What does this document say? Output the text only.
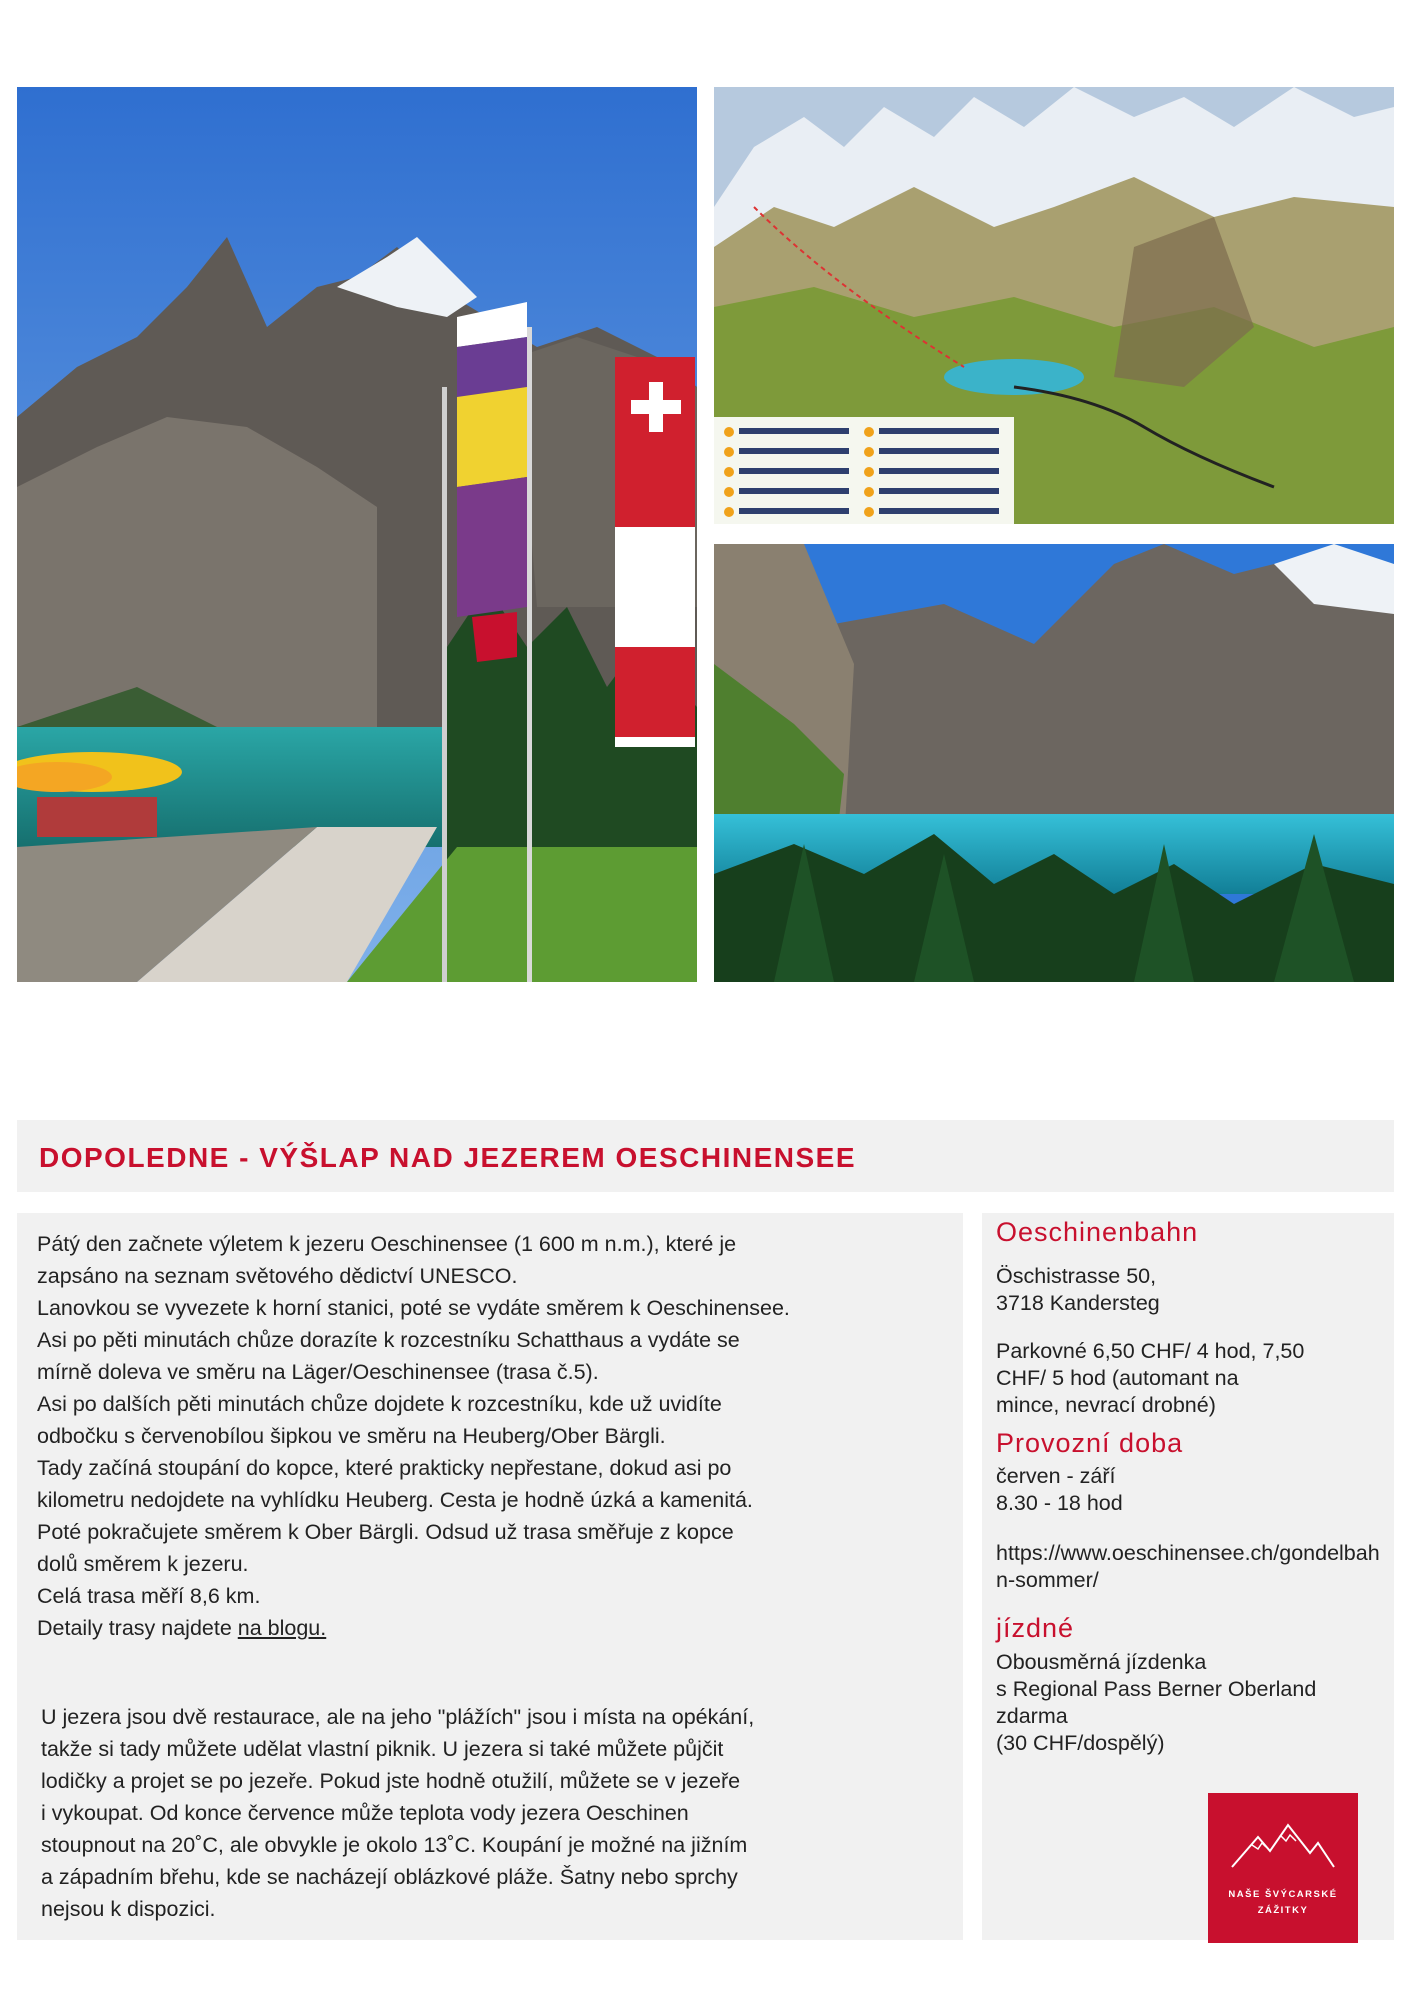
DOPOLEDNE - VÝŠLAP NAD JEZEREM OESCHINENSEE

Pátý den začnete výletem k jezeru Oeschinensee (1 600 m n.m.), které je
zapsáno na seznam světového dědictví UNESCO.
Lanovkou se vyvezete k horní stanici, poté se vydáte směrem k Oeschinensee.
Asi po pěti minutách chůze dorazíte k rozcestníku Schatthaus a vydáte se
mírně doleva ve směru na Läger/Oeschinensee (trasa č.5).
Asi po dalších pěti minutách chůze dojdete k rozcestníku, kde už uvidíte
odbočku s červenobílou šipkou ve směru na Heuberg/Ober Bärgli.
Tady začíná stoupání do kopce, které prakticky nepřestane, dokud asi po
kilometru nedojdete na vyhlídku Heuberg. Cesta je hodně úzká a kamenitá.
Poté pokračujete směrem k Ober Bärgli. Odsud už trasa směřuje z kopce
dolů směrem k jezeru.
Celá trasa měří 8,6 km.
Detaily trasy najdete na blogu.

U jezera jsou dvě restaurace, ale na jeho "plážích" jsou i místa na opékání,
takže si tady můžete udělat vlastní piknik. U jezera si také můžete půjčit
lodičky a projet se po jezeře. Pokud jste hodně otužilí, můžete se v jezeře
i vykoupat. Od konce července může teplota vody jezera Oeschinen
stoupnout na 20˚C, ale obvykle je okolo 13˚C. Koupání je možné na jižním
a západním břehu, kde se nacházejí oblázkové pláže. Šatny nebo sprchy
nejsou k dispozici.

Oeschinenbahn
Öschistrasse 50,
3718 Kandersteg
Parkovné 6,50 CHF/ 4 hod, 7,50
CHF/ 5 hod (automant na
mince, nevrací drobné)
Provozní doba
červen - září
8.30 - 18 hod
https://www.oeschinensee.ch/gondelbahn-sommer/
jízdné
Obousměrná jízdenka
s Regional Pass Berner Oberland
zdarma
(30 CHF/dospělý)
NAŠE ŠVÝCARSKÉ
ZÁŽITKY
